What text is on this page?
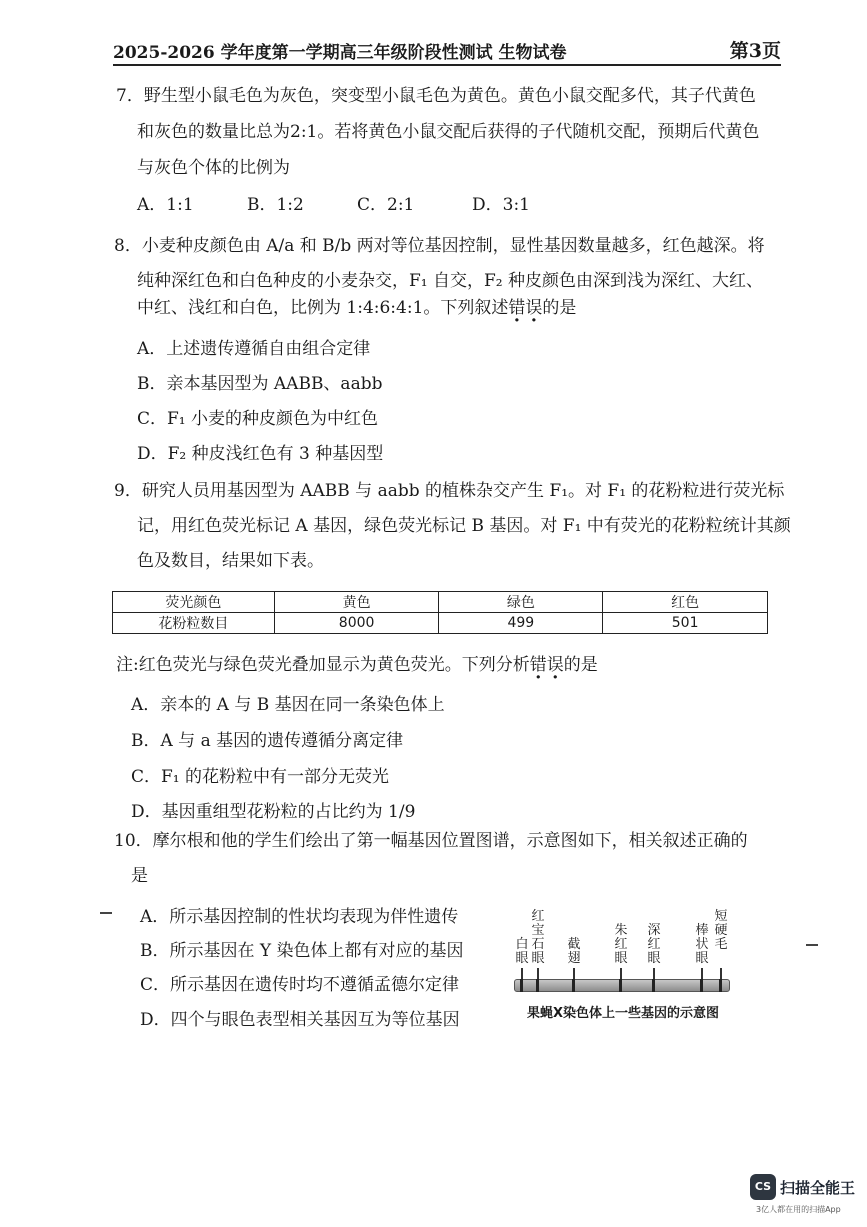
2025-2026 学年度第一学期高三年级阶段性测试 生物试卷	第3页
7．野生型小鼠毛色为灰色，突变型小鼠毛色为黄色。黄色小鼠交配多代，其子代黄色
和灰色的数量比总为2:1。若将黄色小鼠交配后获得的子代随机交配，预期后代黄色
与灰色个体的比例为
A．1:1	B．1:2	C．2:1	D．3:1
8．小麦种皮颜色由 A/a 和 B/b 两对等位基因控制，显性基因数量越多，红色越深。将
纯种深红色和白色种皮的小麦杂交，F₁ 自交，F₂ 种皮颜色由深到浅为深红、大红、
中红、浅红和白色，比例为 1:4:6:4:1。下列叙述错误的是
A．上述遗传遵循自由组合定律
B．亲本基因型为 AABB、aabb
C．F₁ 小麦的种皮颜色为中红色
D．F₂ 种皮浅红色有 3 种基因型
9．研究人员用基因型为 AABB 与 aabb 的植株杂交产生 F₁。对 F₁ 的花粉粒进行荧光标
记，用红色荧光标记 A 基因，绿色荧光标记 B 基因。对 F₁ 中有荧光的花粉粒统计其颜
色及数目，结果如下表。
荧光颜色	黄色	绿色	红色
花粉粒数目	8000	499	501
注:红色荧光与绿色荧光叠加显示为黄色荧光。下列分析错误的是
A．亲本的 A 与 B 基因在同一条染色体上
B．A 与 a 基因的遗传遵循分离定律
C．F₁ 的花粉粒中有一部分无荧光
D．基因重组型花粉粒的占比约为 1/9
10．摩尔根和他的学生们绘出了第一幅基因位置图谱，示意图如下，相关叙述正确的
是
A．所示基因控制的性状均表现为伴性遗传
B．所示基因在 Y 染色体上都有对应的基因
C．所示基因在遗传时均不遵循孟德尔定律
D．四个与眼色表型相关基因互为等位基因
白眼
红宝石眼
截翅
朱红眼
深红眼
棒状眼
短硬毛
果蝇X染色体上一些基因的示意图
CS 扫描全能王
3亿人都在用的扫描App
